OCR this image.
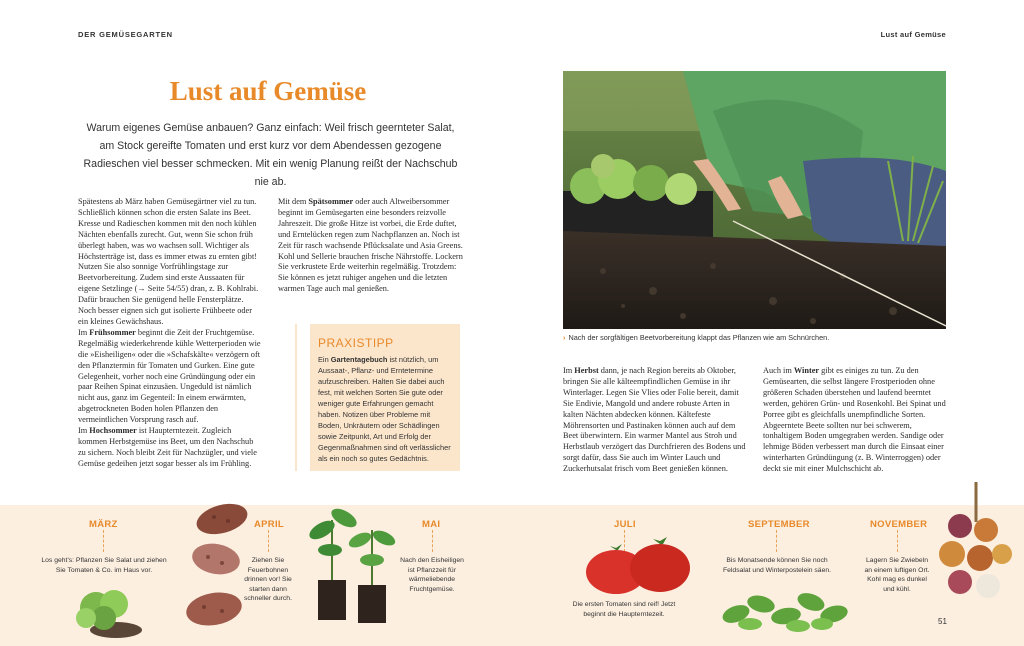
DER GEMÜSEGARTEN	Lust auf Gemüse
Lust auf Gemüse

Warum eigenes Gemüse anbauen? Ganz einfach: Weil frisch geernteter Salat, am Stock gereifte Tomaten und erst kurz vor dem Abendessen gezogene Radieschen viel besser schmecken. Mit ein wenig Planung reißt der Nachschub nie ab.

Spätestens ab März haben Gemüsegärtner viel zu tun. Schließlich können schon die ersten Salate ins Beet. Kresse und Radieschen kommen mit den noch kühlen Nächten ebenfalls zurecht. Gut, wenn Sie schon früh überlegt haben, was wo wachsen soll. Wichtiger als Höchsterträge ist, dass es immer etwas zu ernten gibt! Nutzen Sie also sonnige Vorfrühlingstage zur Beetvorbereitung. Zudem sind erste Aussaaten für eigene Setzlinge (→ Seite 54/55) dran, z. B. Kohlrabi. Dafür brauchen Sie genügend helle Fensterplätze. Noch besser eignen sich gut isolierte Frühbeete oder ein kleines Gewächshaus.

Im Frühsommer beginnt die Zeit der Fruchtgemüse. Regelmäßig wiederkehrende kühle Wetterperioden wie die »Eisheiligen« oder die »Schafskälte« verzögern oft den Pflanztermin für Tomaten und Gurken. Eine gute Gelegenheit, vorher noch eine Gründüngung oder ein paar Reihen Spinat einzusäen. Ungeduld ist nämlich nicht aus, ganz im Gegenteil: In einem erwärmten, abgetrockneten Boden holen Pflanzen den vermeintlichen Vorsprung rasch auf.

Im Hochsommer ist Haupterntezeit. Zugleich kommen Herbstgemüse ins Beet, um den Nachschub zu sichern. Noch bleibt Zeit für Nachzügler, und viele Gemüse gedeihen jetzt sogar besser als im Frühling.

Mit dem Spätsommer oder auch Altweibersommer beginnt im Gemüsegarten eine besonders reizvolle Jahreszeit. Die große Hitze ist vorbei, die Erde duftet, und Erntelücken regen zum Nachpflanzen an. Noch ist Zeit für rasch wachsende Pflücksalate und Asia Greens. Kohl und Sellerie brauchen frische Nährstoffe. Lockern Sie verkrustete Erde weiterhin regelmäßig. Trotzdem: Sie können es jetzt ruhiger angehen und die letzten warmen Tage auch mal genießen.

PRAXISTIPP
Ein Gartentagebuch ist nützlich, um Aussaat-, Pflanz- und Erntetermine aufzuschreiben. Halten Sie dabei auch fest, mit welchen Sorten Sie gute oder weniger gute Erfahrungen gemacht haben. Notizen über Probleme mit Boden, Unkräutern oder Schädlingen sowie Zeitpunkt, Art und Erfolg der Gegenmaßnahmen sind oft verlässlicher als ein noch so gutes Gedächtnis.
› Nach der sorgfältigen Beetvorbereitung klappt das Pflanzen wie am Schnürchen.

Im Herbst dann, je nach Region bereits ab Oktober, bringen Sie alle kälteempfindlichen Gemüse in ihr Winterlager. Legen Sie Vlies oder Folie bereit, damit Sie Endivie, Mangold und andere robuste Arten in kalten Nächten abdecken können. Kältefeste Möhrensorten und Pastinaken können auch auf dem Beet überwintern. Ein warmer Mantel aus Stroh und Herbstlaub verzögert das Durchfrieren des Bodens und sorgt dafür, dass Sie auch im Winter Lauch und Zuckerhutsalat frisch vom Beet genießen können.

Auch im Winter gibt es einiges zu tun. Zu den Gemüsearten, die selbst längere Frostperioden ohne größeren Schaden überstehen und laufend beerntet werden, gehören Grün- und Rosenkohl. Bei Spinat und Porree gibt es gleichfalls unempfindliche Sorten. Abgeerntete Beete sollten nur bei schwerem, tonhaltigem Boden umgegraben werden. Sandige oder lehmige Böden verbessert man durch die Einsaat einer winterharten Gründüngung (z. B. Winterroggen) oder deckt sie mit einer Mulchschicht ab.

MÄRZ
Los geht's: Pflanzen Sie Salat und ziehen Sie Tomaten & Co. im Haus vor.
APRIL
Ziehen Sie Feuerbohnen drinnen vor! Sie starten dann schneller durch.
MAI
Nach den Eisheiligen ist Pflanzzeit für wärmeliebende Fruchtgemüse.
JULI
Die ersten Tomaten sind reif! Jetzt beginnt die Haupterntezeit.
SEPTEMBER
Bis Monatsende können Sie noch Feldsalat und Winterpostelein säen.
NOVEMBER
Lagern Sie Zwiebeln an einem luftigen Ort. Kohl mag es dunkel und kühl.
51
